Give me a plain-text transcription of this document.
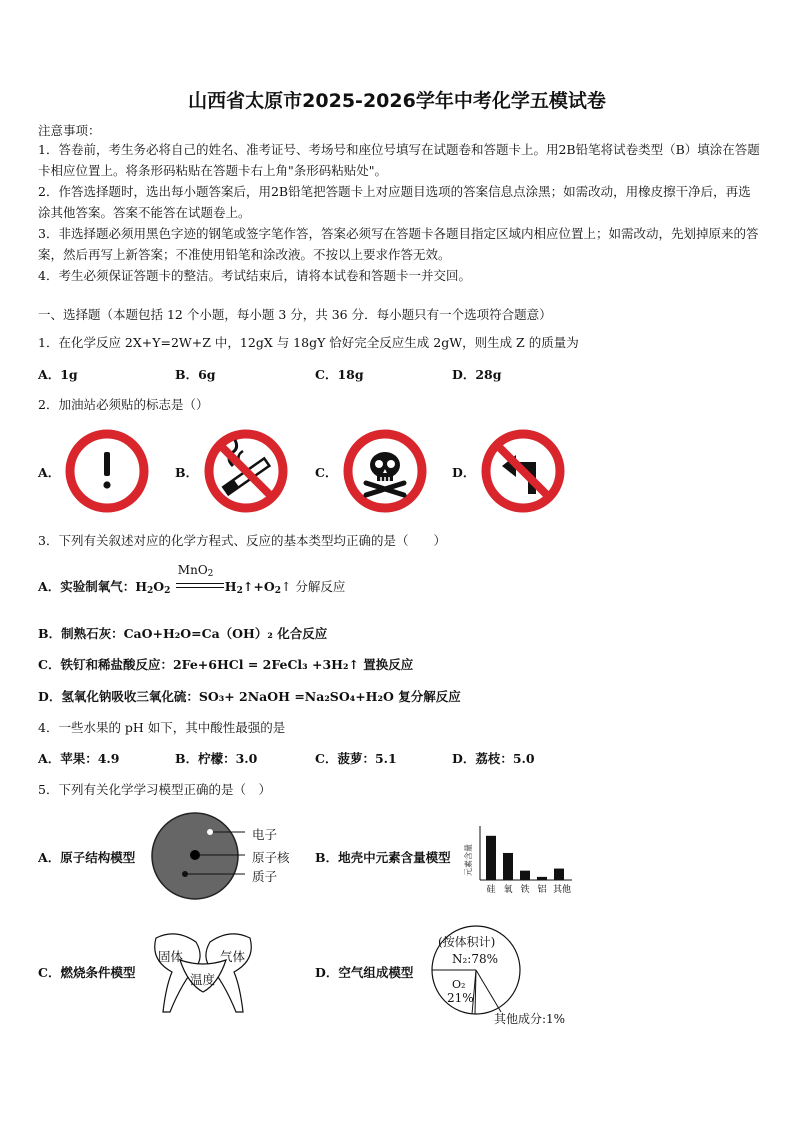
山西省太原市2025-2026学年中考化学五模试卷
注意事项：

1．答卷前，考生务必将自己的姓名、准考证号、考场号和座位号填写在试题卷和答题卡上。用2B铅笔将试卷类型（B）填涂在答题卡相应位置上。将条形码粘贴在答题卡右上角"条形码粘贴处"。

2．作答选择题时，选出每小题答案后，用2B铅笔把答题卡上对应题目选项的答案信息点涂黑；如需改动，用橡皮擦干净后，再选涂其他答案。答案不能答在试题卷上。

3．非选择题必须用黑色字迹的钢笔或签字笔作答，答案必须写在答题卡各题目指定区域内相应位置上；如需改动，先划掉原来的答案，然后再写上新答案；不准使用铅笔和涂改液。不按以上要求作答无效。

4．考生必须保证答题卡的整洁。考试结束后，请将本试卷和答题卡一并交回。

一、选择题（本题包括 12 个小题，每小题 3 分，共 36 分．每小题只有一个选项符合题意）
1．在化学反应 2X+Y=2W+Z 中，12gX 与 18gY 恰好完全反应生成 2gW，则生成 Z 的质量为
A．1g	B．6g	C．18g	D．28g
2．加油站必须贴的标志是（）
A．	B．	C．	D．
3．下列有关叙述对应的化学方程式、反应的基本类型均正确的是（　　）
A．实验制氧气：$H_2O_2$
MnO$_2$
$H_2↑+O_2↑$ 分解反应
B．制熟石灰：CaO+H₂O=Ca（OH）₂ 化合反应
C．铁钉和稀盐酸反应：2Fe+6HCl = 2FeCl₃ +3H₂↑ 置换反应
D．氢氧化钠吸收三氧化硫：SO₃+ 2NaOH =Na₂SO₄+H₂O 复分解反应
4．一些水果的 pH 如下，其中酸性最强的是
A．苹果：4.9	B．柠檬：3.0	C．菠萝：5.1	D．荔枝：5.0
5．下列有关化学学习模型正确的是（　）
A．原子结构模型
电子
原子核
质子
B．地壳中元素含量模型 元素含量
硅 氧 铁 铝 其他
C．燃烧条件模型
固体	气体
温度	D．空气组成模型
(按体积计)
N₂:78%
O₂
21%
其他成分:1%
